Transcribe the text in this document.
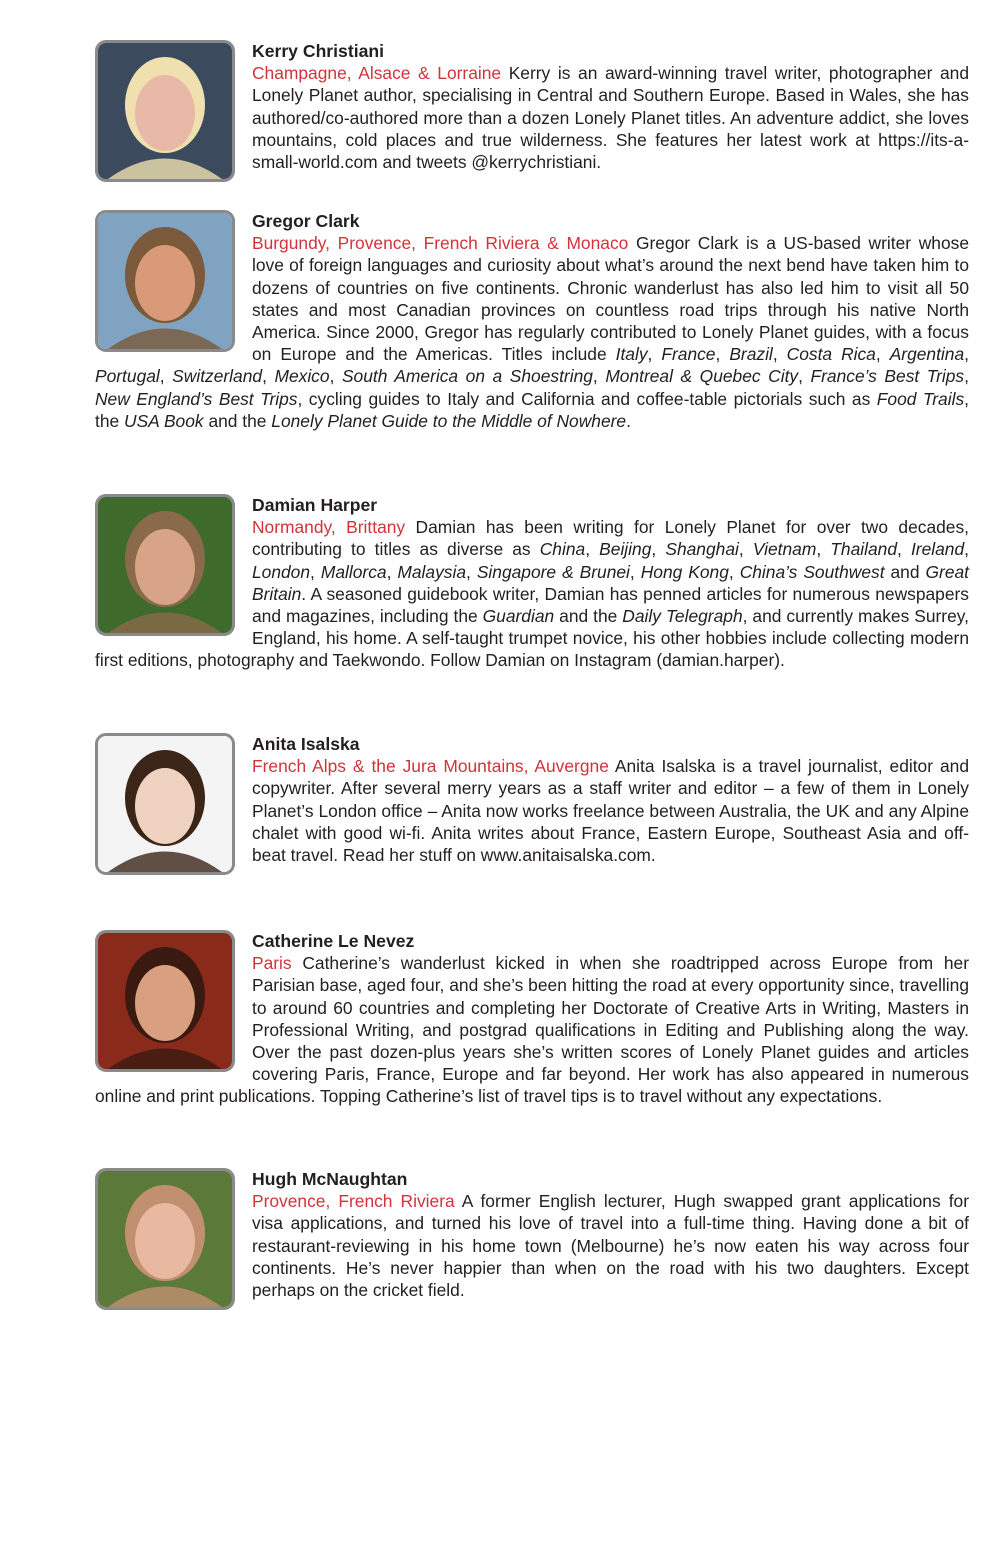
Kerry Christiani
Champagne, Alsace & Lorraine Kerry is an award-winning travel writer, photographer and Lonely Planet author, specialising in Central and Southern Europe. Based in Wales, she has authored/co-authored more than a dozen Lonely Planet titles. An adventure addict, she loves mountains, cold places and true wilderness. She features her latest work at https://its-a-small-world.com and tweets @kerrychristiani.
Gregor Clark
Burgundy, Provence, French Riviera & Monaco Gregor Clark is a US-based writer whose love of foreign languages and curiosity about what’s around the next bend have taken him to dozens of countries on five continents. Chronic wanderlust has also led him to visit all 50 states and most Canadian provinces on countless road trips through his native North America. Since 2000, Gregor has regularly contributed to Lonely Planet guides, with a focus on Europe and the Americas. Titles include Italy, France, Brazil, Costa Rica, Argentina, Portugal, Switzerland, Mexico, South America on a Shoestring, Montreal & Quebec City, France’s Best Trips, New England’s Best Trips, cycling guides to Italy and California and coffee-table pictorials such as Food Trails, the USA Book and the Lonely Planet Guide to the Middle of Nowhere.
Damian Harper
Normandy, Brittany Damian has been writing for Lonely Planet for over two decades, contributing to titles as diverse as China, Beijing, Shanghai, Vietnam, Thailand, Ireland, London, Mallorca, Malaysia, Singapore & Brunei, Hong Kong, China’s Southwest and Great Britain. A seasoned guidebook writer, Damian has penned articles for numerous newspapers and magazines, including the Guardian and the Daily Telegraph, and currently makes Surrey, England, his home. A self-taught trumpet novice, his other hobbies include collecting modern first editions, photography and Taekwondo. Follow Damian on Instagram (damian.harper).
Anita Isalska
French Alps & the Jura Mountains, Auvergne Anita Isalska is a travel journalist, editor and copywriter. After several merry years as a staff writer and editor – a few of them in Lonely Planet’s London office – Anita now works freelance between Australia, the UK and any Alpine chalet with good wi-fi. Anita writes about France, Eastern Europe, Southeast Asia and off-beat travel. Read her stuff on www.anitaisalska.com.
Catherine Le Nevez
Paris Catherine’s wanderlust kicked in when she roadtripped across Europe from her Parisian base, aged four, and she’s been hitting the road at every opportunity since, travelling to around 60 countries and completing her Doctorate of Creative Arts in Writing, Masters in Professional Writing, and postgrad qualifications in Editing and Publishing along the way. Over the past dozen-plus years she’s written scores of Lonely Planet guides and articles covering Paris, France, Europe and far beyond. Her work has also appeared in numerous online and print publications. Topping Catherine’s list of travel tips is to travel without any expectations.
Hugh McNaughtan
Provence, French Riviera A former English lecturer, Hugh swapped grant applications for visa applications, and turned his love of travel into a full-time thing. Having done a bit of restaurant-reviewing in his home town (Melbourne) he’s now eaten his way across four continents. He’s never happier than when on the road with his two daughters. Except perhaps on the cricket field.
